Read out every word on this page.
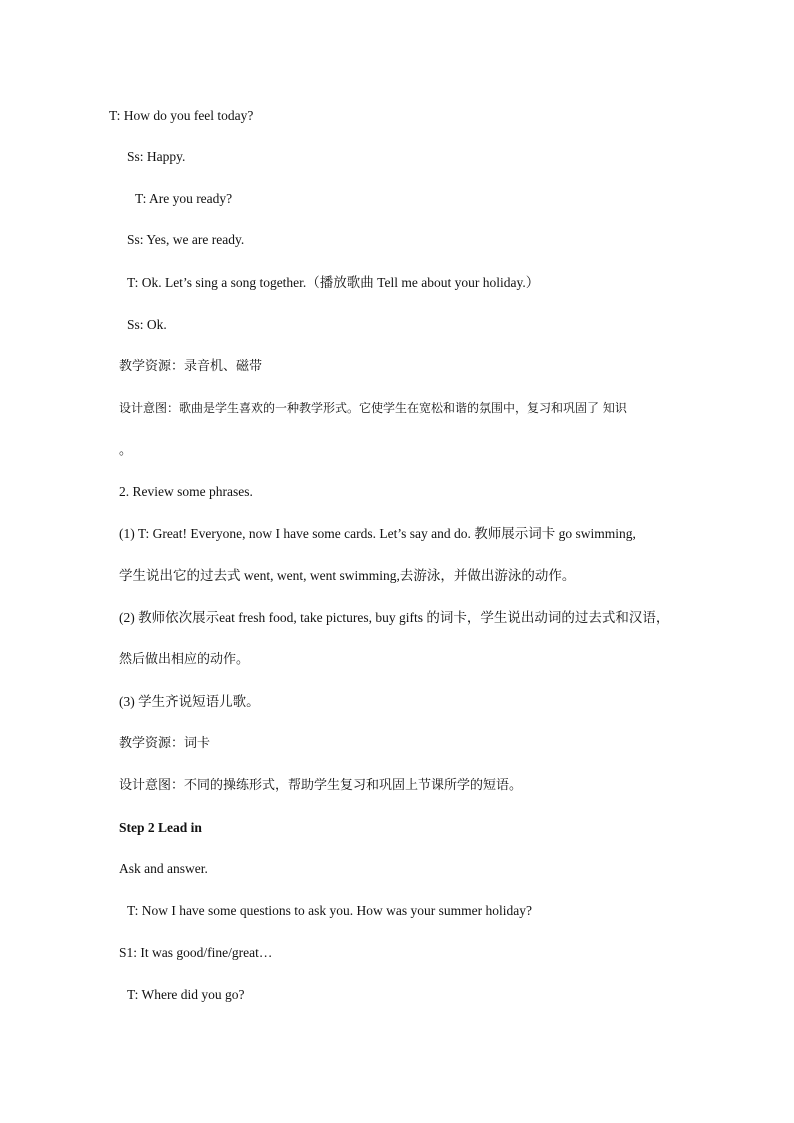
T: How do you feel today?
Ss: Happy.
T: Are you ready?
Ss: Yes, we are ready.
T: Ok. Let’s sing a song together.（播放歌曲 Tell me about your holiday.）
Ss: Ok.
教学资源：录音机、磁带
设计意图：歌曲是学生喜欢的一种教学形式。它使学生在宽松和谐的氛围中，复习和巩固了 知识
。
2. Review some phrases.
(1) T: Great! Everyone, now I have some cards. Let’s say and do. 教师展示词卡 go swimming,
学生说出它的过去式 went, went, went swimming,去游泳，并做出游泳的动作。
(2) 教师依次展示eat fresh food, take pictures, buy gifts 的词卡，学生说出动词的过去式和汉语，
然后做出相应的动作。
(3) 学生齐说短语儿歌。
教学资源：词卡
设计意图：不同的操练形式，帮助学生复习和巩固上节课所学的短语。
Step 2 Lead in
Ask and answer.
T: Now I have some questions to ask you. How was your summer holiday?
S1: It was good/fine/great…
T: Where did you go?
